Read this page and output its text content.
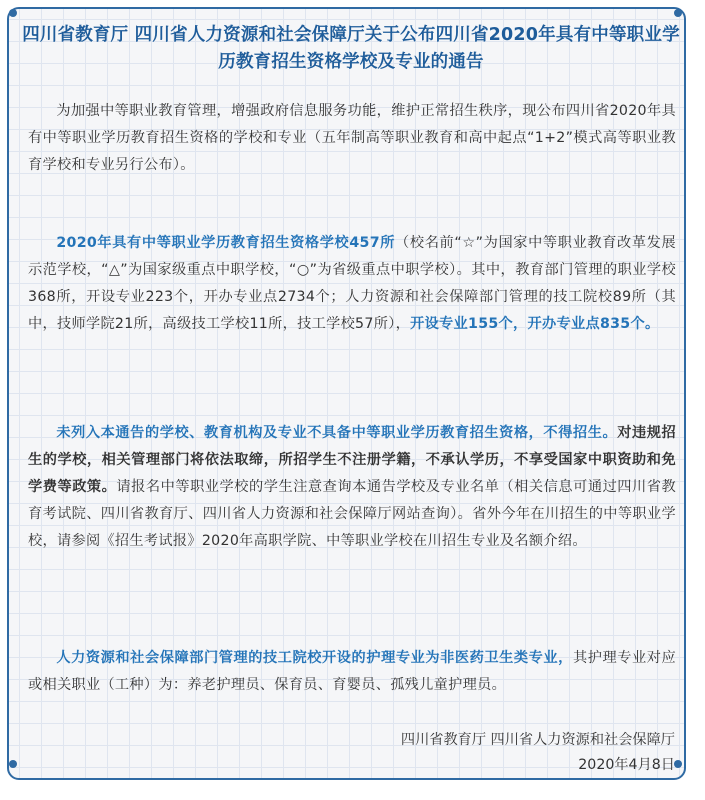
四川省教育厅 四川省人力资源和社会保障厅关于公布四川省2020年具有中等职业学历教育招生资格学校及专业的通告

为加强中等职业教育管理，增强政府信息服务功能，维护正常招生秩序，现公布四川省2020年具有中等职业学历教育招生资格的学校和专业（五年制高等职业教育和高中起点“1+2”模式高等职业教育学校和专业另行公布）。

2020年具有中等职业学历教育招生资格学校457所（校名前“☆”为国家中等职业教育改革发展示范学校，“△”为国家级重点中职学校，“○”为省级重点中职学校）。其中，教育部门管理的职业学校368所，开设专业223个，开办专业点2734个；人力资源和社会保障部门管理的技工院校89所（其中，技师学院21所，高级技工学校11所，技工学校57所），开设专业155个，开办专业点835个。

未列入本通告的学校、教育机构及专业不具备中等职业学历教育招生资格，不得招生。对违规招生的学校，相关管理部门将依法取缔，所招学生不注册学籍，不承认学历，不享受国家中职资助和免学费等政策。请报名中等职业学校的学生注意查询本通告学校及专业名单（相关信息可通过四川省教育考试院、四川省教育厅、四川省人力资源和社会保障厅网站查询）。省外今年在川招生的中等职业学校，请参阅《招生考试报》2020年高职学院、中等职业学校在川招生专业及名额介绍。

人力资源和社会保障部门管理的技工院校开设的护理专业为非医药卫生类专业，其护理专业对应或相关职业（工种）为：养老护理员、保育员、育婴员、孤残儿童护理员。

四川省教育厅 四川省人力资源和社会保障厅

2020年4月8日
